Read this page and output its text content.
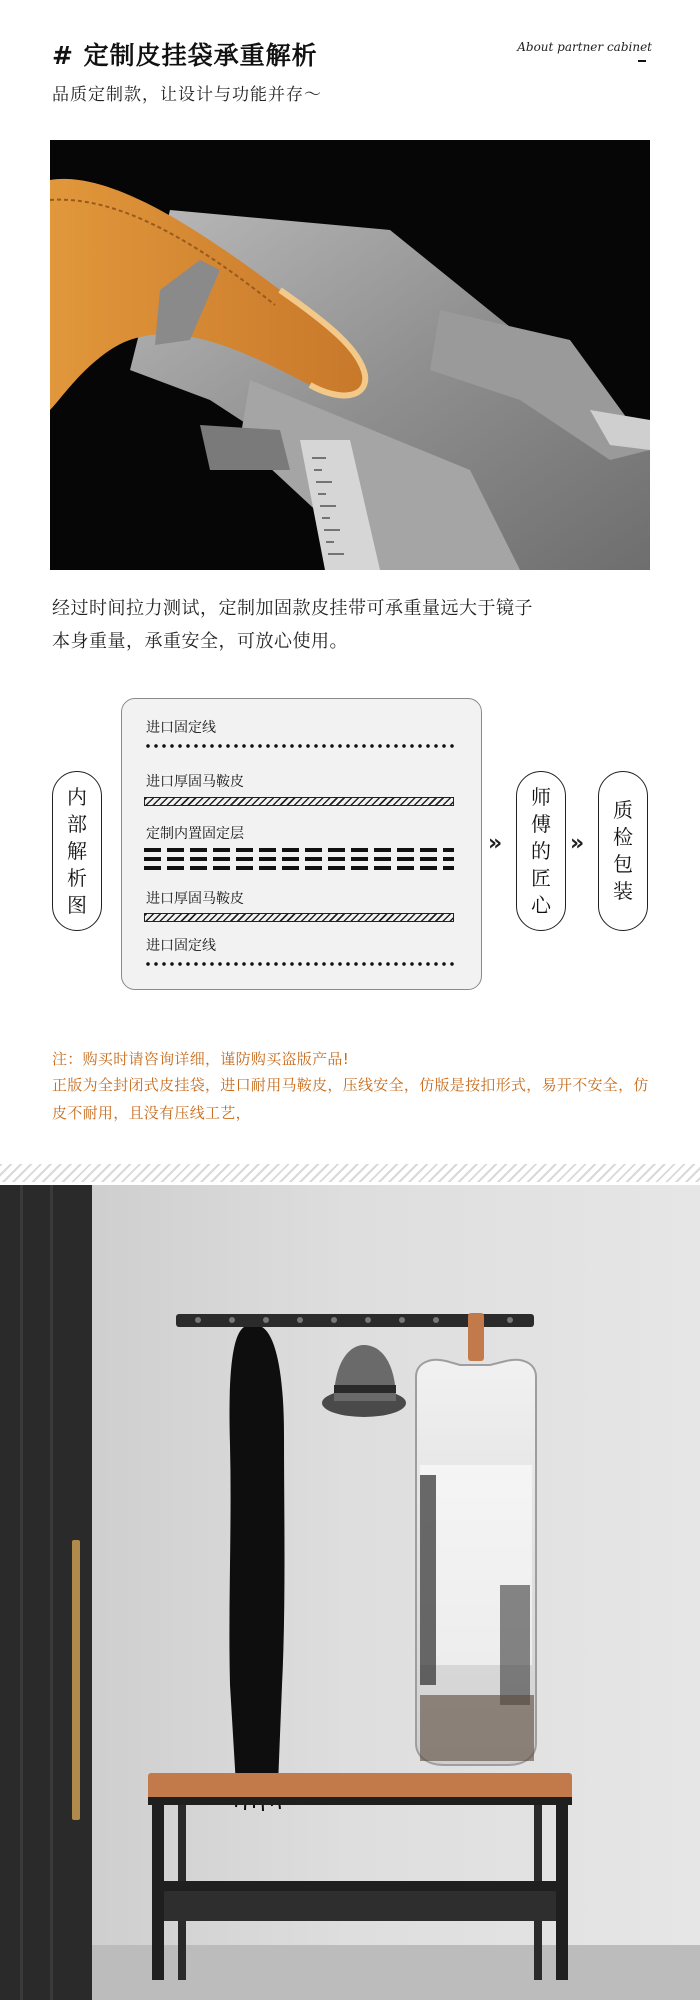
# 定制皮挂袋承重解析
品质定制款，让设计与功能并存～
About partner cabinet
经过时间拉力测试，定制加固款皮挂带可承重量远大于镜子
本身重量，承重安全，可放心使用。
内
部
解
析
图
进口固定线
进口厚固马鞍皮
定制内置固定层
进口厚固马鞍皮
进口固定线
»
师
傅
的
匠
心
»
质
检
包
装
注：购买时请咨询详细，谨防购买盗版产品!
正版为全封闭式皮挂袋，进口耐用马鞍皮，压线安全，仿版是按扣形式，易开不安全，仿皮不耐用，且没有压线工艺，
